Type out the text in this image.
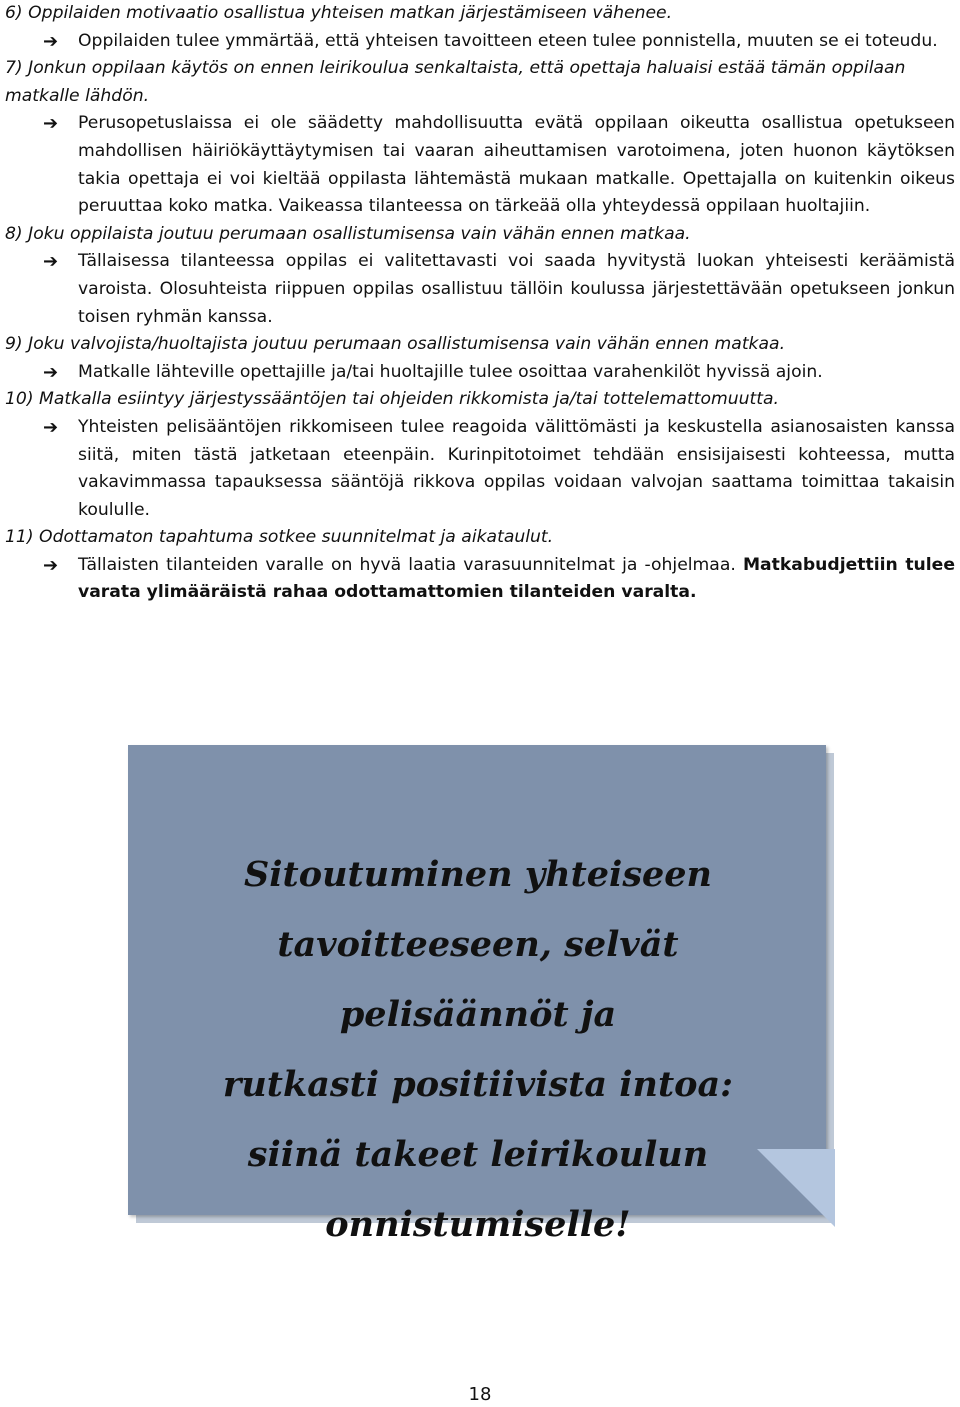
6) Oppilaiden motivaatio osallistua yhteisen matkan järjestämiseen vähenee.

➔ Oppilaiden tulee ymmärtää, että yhteisen tavoitteen eteen tulee ponnistella, muuten se ei toteudu.

7) Jonkun oppilaan käytös on ennen leirikoulua senkaltaista, että opettaja haluaisi estää tämän oppilaan matkalle lähdön.

➔ Perusopetuslaissa ei ole säädetty mahdollisuutta evätä oppilaan oikeutta osallistua opetukseen mahdollisen häiriökäyttäytymisen tai vaaran aiheuttamisen varotoimena, joten huonon käytöksen takia opettaja ei voi kieltää oppilasta lähtemästä mukaan matkalle. Opettajalla on kuitenkin oikeus peruuttaa koko matka. Vaikeassa tilanteessa on tärkeää olla yhteydessä oppilaan huoltajiin.

8) Joku oppilaista joutuu perumaan osallistumisensa vain vähän ennen matkaa.

➔ Tällaisessa tilanteessa oppilas ei valitettavasti voi saada hyvitystä luokan yhteisesti keräämistä varoista. Olosuhteista riippuen oppilas osallistuu tällöin koulussa järjestettävään opetukseen jonkun toisen ryhmän kanssa.

9) Joku valvojista/huoltajista joutuu perumaan osallistumisensa vain vähän ennen matkaa.

➔ Matkalle lähteville opettajille ja/tai huoltajille tulee osoittaa varahenkilöt hyvissä ajoin.

10) Matkalla esiintyy järjestyssääntöjen tai ohjeiden rikkomista ja/tai tottelemattomuutta.

➔ Yhteisten pelisääntöjen rikkomiseen tulee reagoida välittömästi ja keskustella asianosaisten kanssa siitä, miten tästä jatketaan eteenpäin. Kurinpitotoimet tehdään ensisijaisesti kohteessa, mutta vakavimmassa tapauksessa sääntöjä rikkova oppilas voidaan valvojan saattama toimittaa takaisin koululle.

11) Odottamaton tapahtuma sotkee suunnitelmat ja aikataulut.

➔ Tällaisten tilanteiden varalle on hyvä laatia varasuunnitelmat ja -ohjelmaa. Matkabudjettiin tulee varata ylimääräistä rahaa odottamattomien tilanteiden varalta.

Sitoutuminen yhteiseen
tavoitteeseen, selvät pelisäännöt ja
rutkasti positiivista intoa:
siinä takeet leirikoulun
onnistumiselle!
18
